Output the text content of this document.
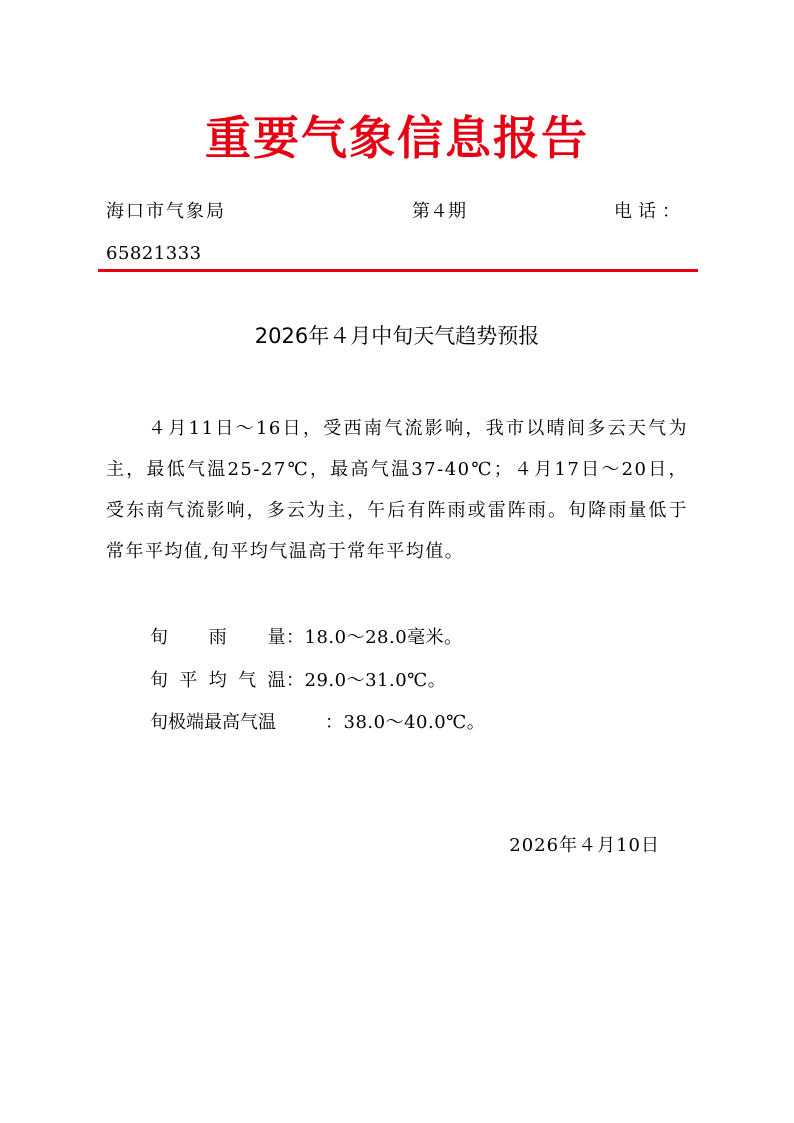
重要气象信息报告
海口市气象局	第４期	电话：
65821333
2026年４月中旬天气趋势预报
４月11日～16日，受西南气流影响，我市以晴间多云天气为主，最低气温25-27℃，最高气温37-40℃；４月17日～20日，受东南气流影响，多云为主，午后有阵雨或雷阵雨。旬降雨量低于常年平均值,旬平均气温高于常年平均值。
旬雨量：18.0～28.0毫米。
旬平均气温：29.0～31.0℃。
旬极端最高气温	：38.0～40.0℃。
2026年４月10日
